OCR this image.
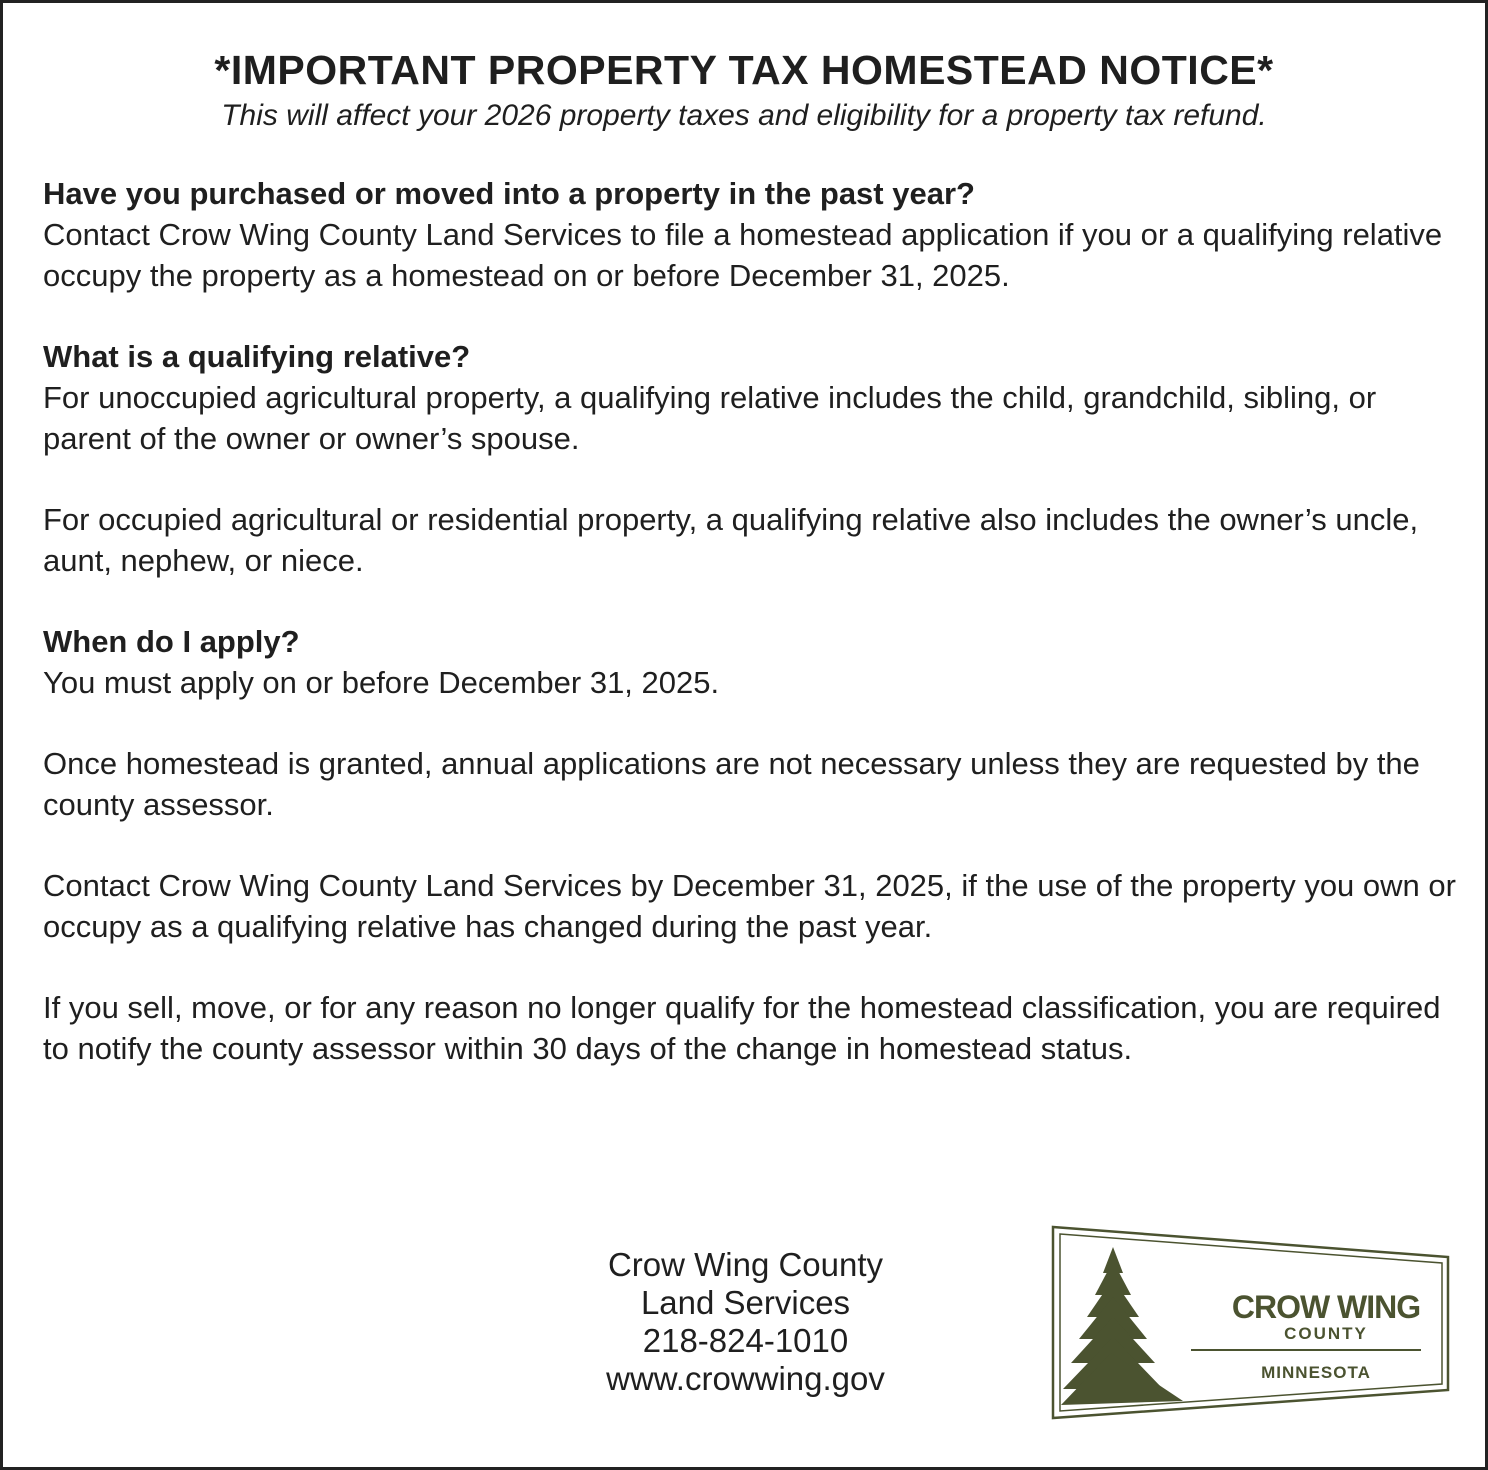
*IMPORTANT PROPERTY TAX HOMESTEAD NOTICE*

This will affect your 2026 property taxes and eligibility for a property tax refund.

Have you purchased or moved into a property in the past year?
Contact Crow Wing County Land Services to file a homestead application if you or a qualifying relative occupy the property as a homestead on or before December 31, 2025.
What is a qualifying relative?
For unoccupied agricultural property, a qualifying relative includes the child, grandchild, sibling, or parent of the owner or owner’s spouse.
For occupied agricultural or residential property, a qualifying relative also includes the owner’s uncle, aunt, nephew, or niece.
When do I apply?
You must apply on or before December 31, 2025.
Once homestead is granted, annual applications are not necessary unless they are requested by the county assessor.
Contact Crow Wing County Land Services by December 31, 2025, if the use of the property you own or occupy as a qualifying relative has changed during the past year.
If you sell, move, or for any reason no longer qualify for the homestead classification, you are required to notify the county assessor within 30 days of the change in homestead status.
Crow Wing County
Land Services
218-824-1010
www.crowwing.gov
CROW WING
COUNTY
MINNESOTA
